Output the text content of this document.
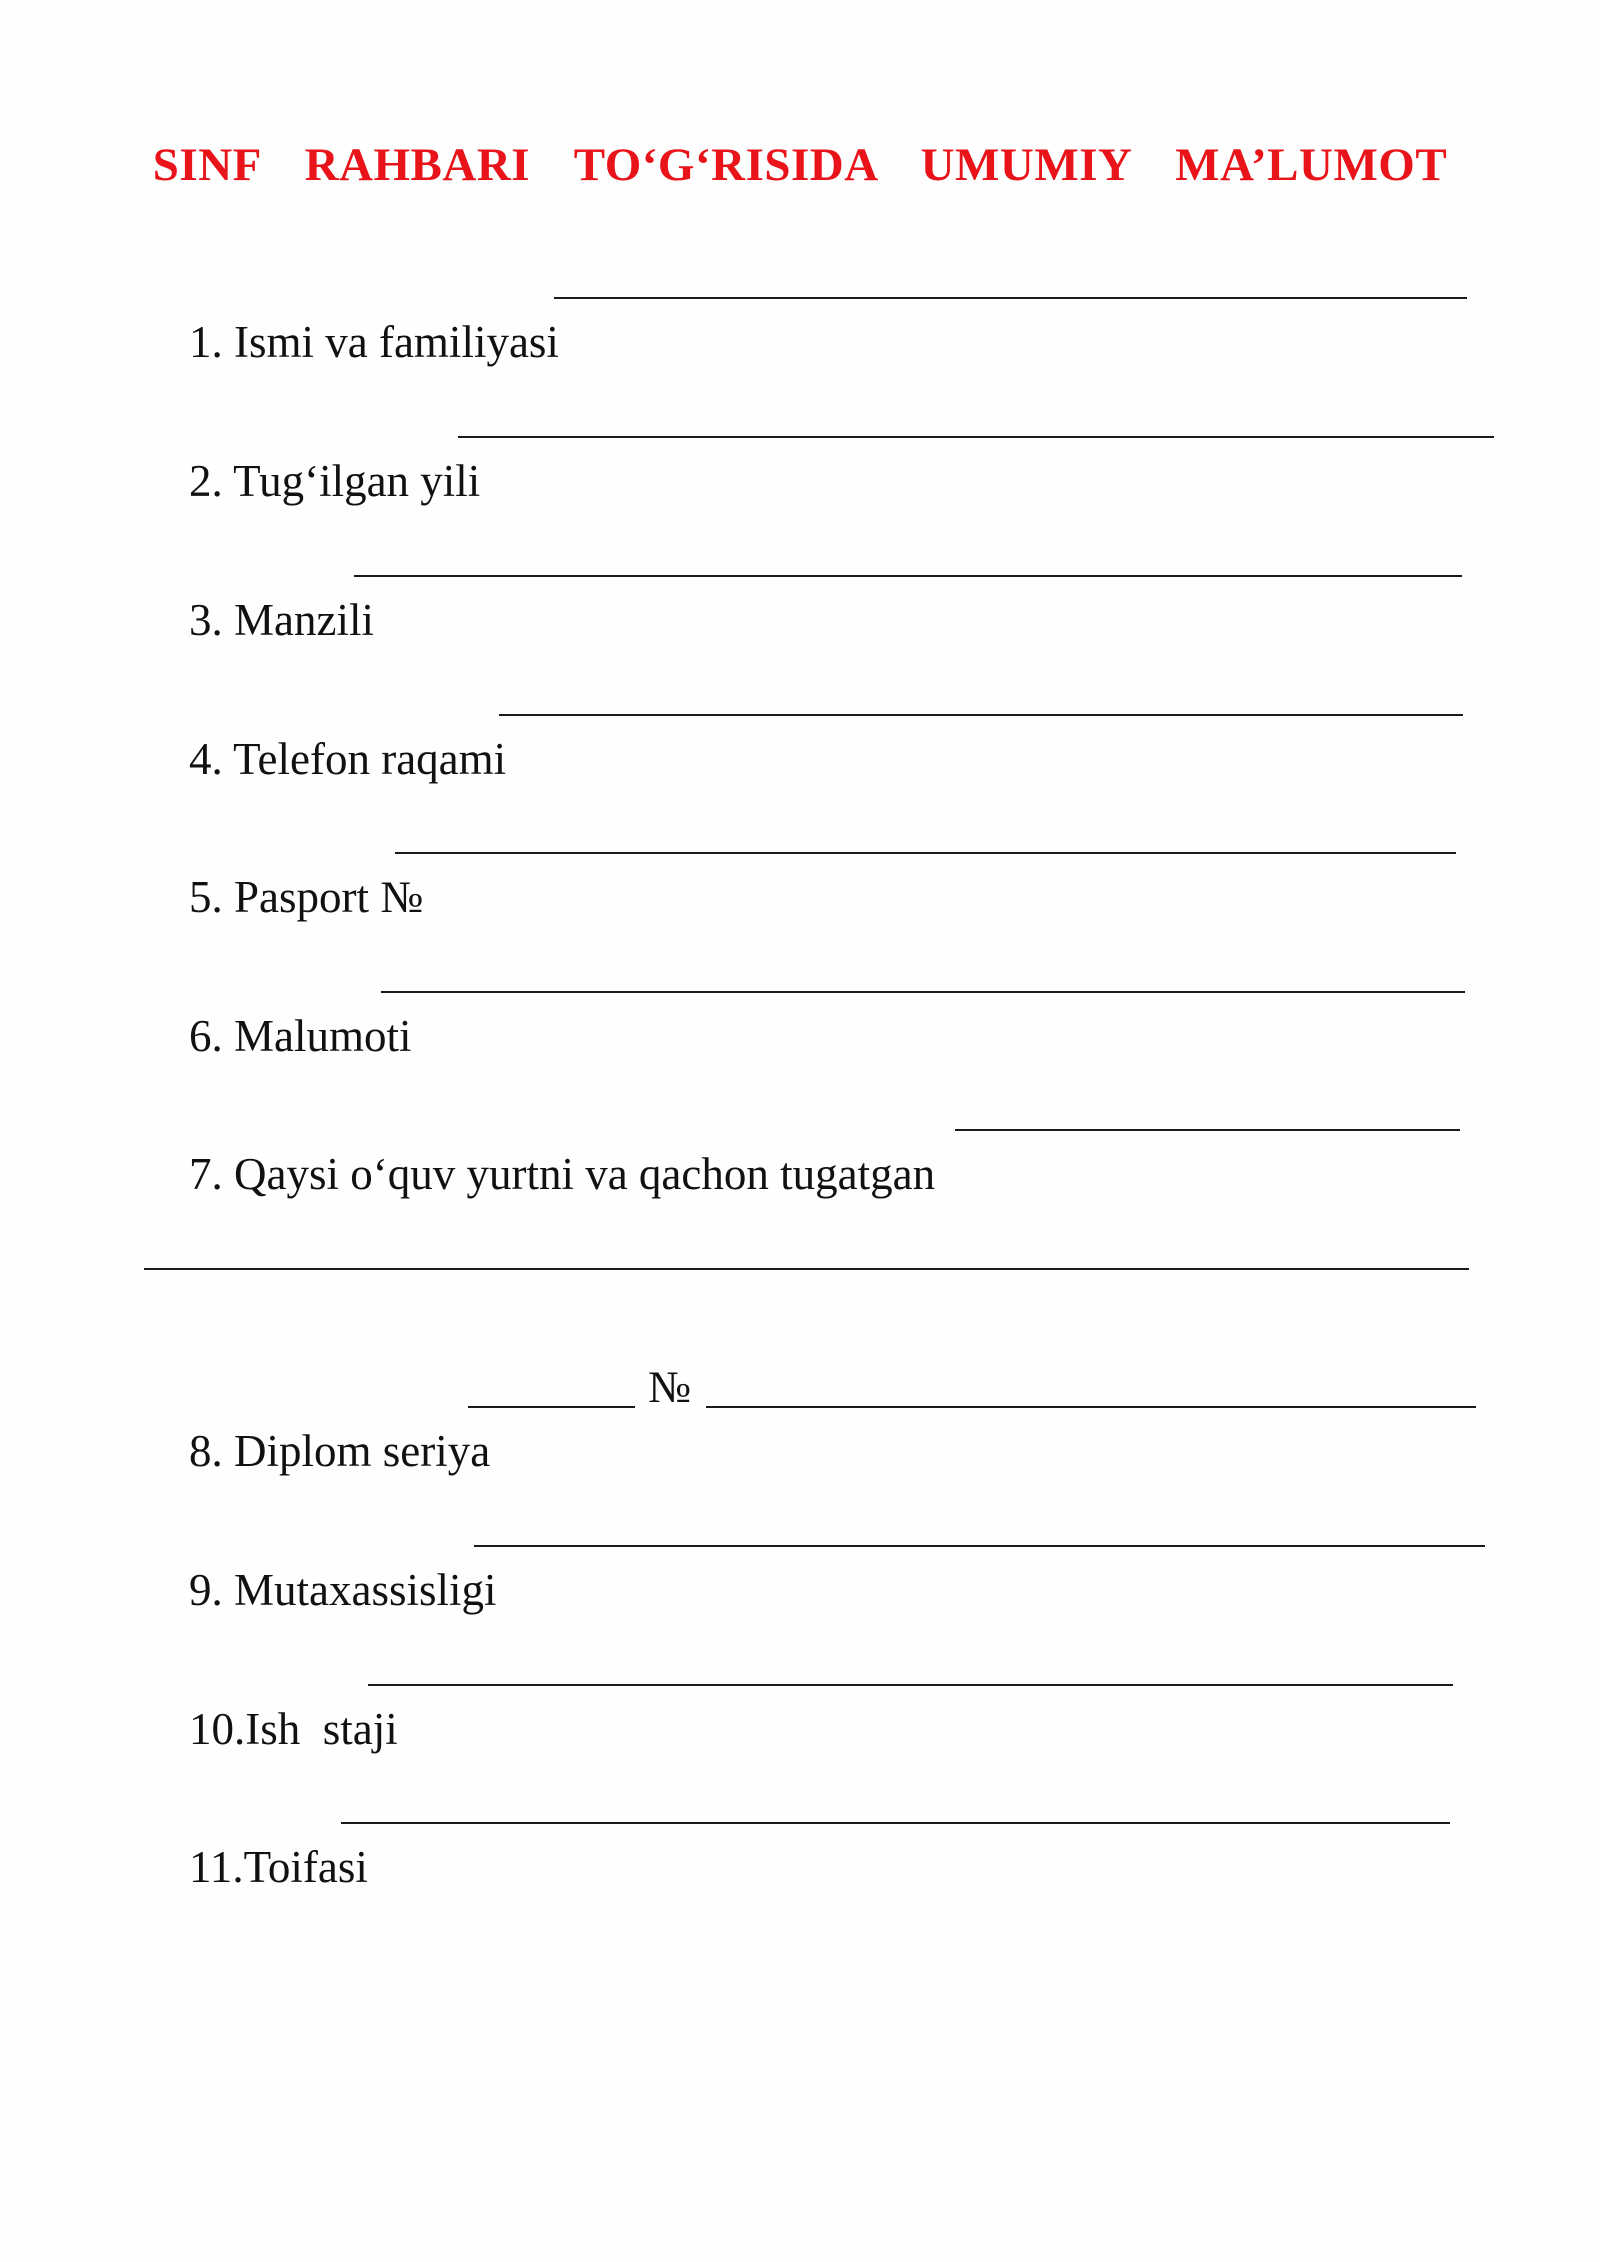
SINF  RAHBARI  TO‘G‘RISIDA  UMUMIY  MA’LUMOT

1. Ismi va familiyasi

2. Tug‘ilgan yili

3. Manzili

4. Telefon raqami

5. Pasport №

6. Malumoti

7. Qaysi o‘quv yurtni va qachon tugatgan

8. Diplom seriya

№

9. Mutaxassisligi

10.Ish  staji

11.Toifasi
